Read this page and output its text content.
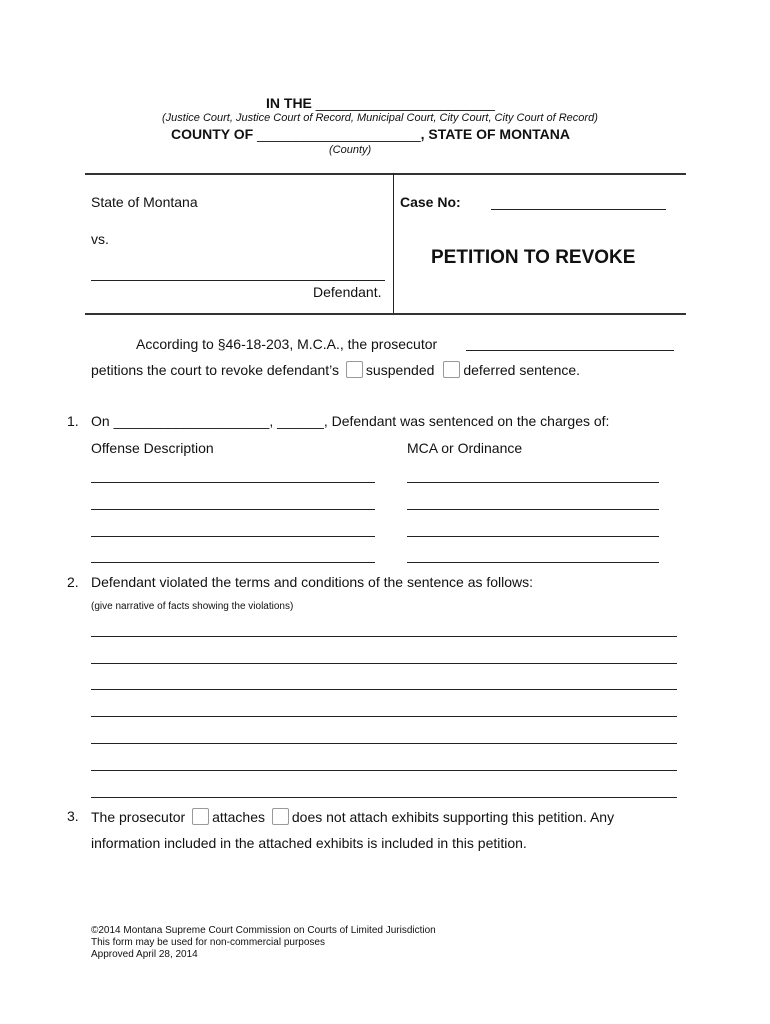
IN THE _______________________
(Justice Court, Justice Court of Record, Municipal Court, City Court, City Court of Record)
COUNTY OF _____________________, STATE OF MONTANA
(County)
State of Montana
vs.
Defendant.
Case No:
PETITION TO REVOKE
According to §46-18-203, M.C.A., the prosecutor
petitions the court to revoke defendant’s suspended deferred sentence.
1. On ____________________, ______, Defendant was sentenced on the charges of:
Offense Description	MCA or Ordinance
2. Defendant violated the terms and conditions of the sentence as follows:
(give narrative of facts showing the violations)
3. The prosecutor attaches does not attach exhibits supporting this petition. Any
information included in the attached exhibits is included in this petition.
©2014 Montana Supreme Court Commission on Courts of Limited Jurisdiction
This form may be used for non-commercial purposes
Approved April 28, 2014
